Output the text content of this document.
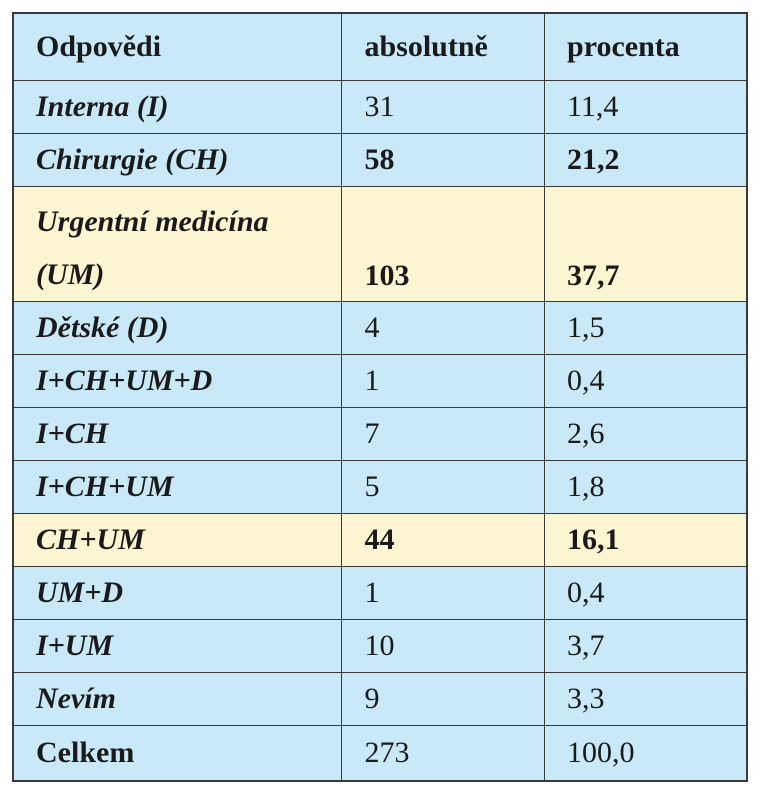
Odpovědi	absolutně	procenta
Interna (I)	31	11,4
Chirurgie (CH)	58	21,2
Urgentní medicína (UM)	103	37,7
Dětské (D)	4	1,5
I+CH+UM+D	1	0,4
I+CH	7	2,6
I+CH+UM	5	1,8
CH+UM	44	16,1
UM+D	1	0,4
I+UM	10	3,7
Nevím	9	3,3
Celkem	273	100,0
